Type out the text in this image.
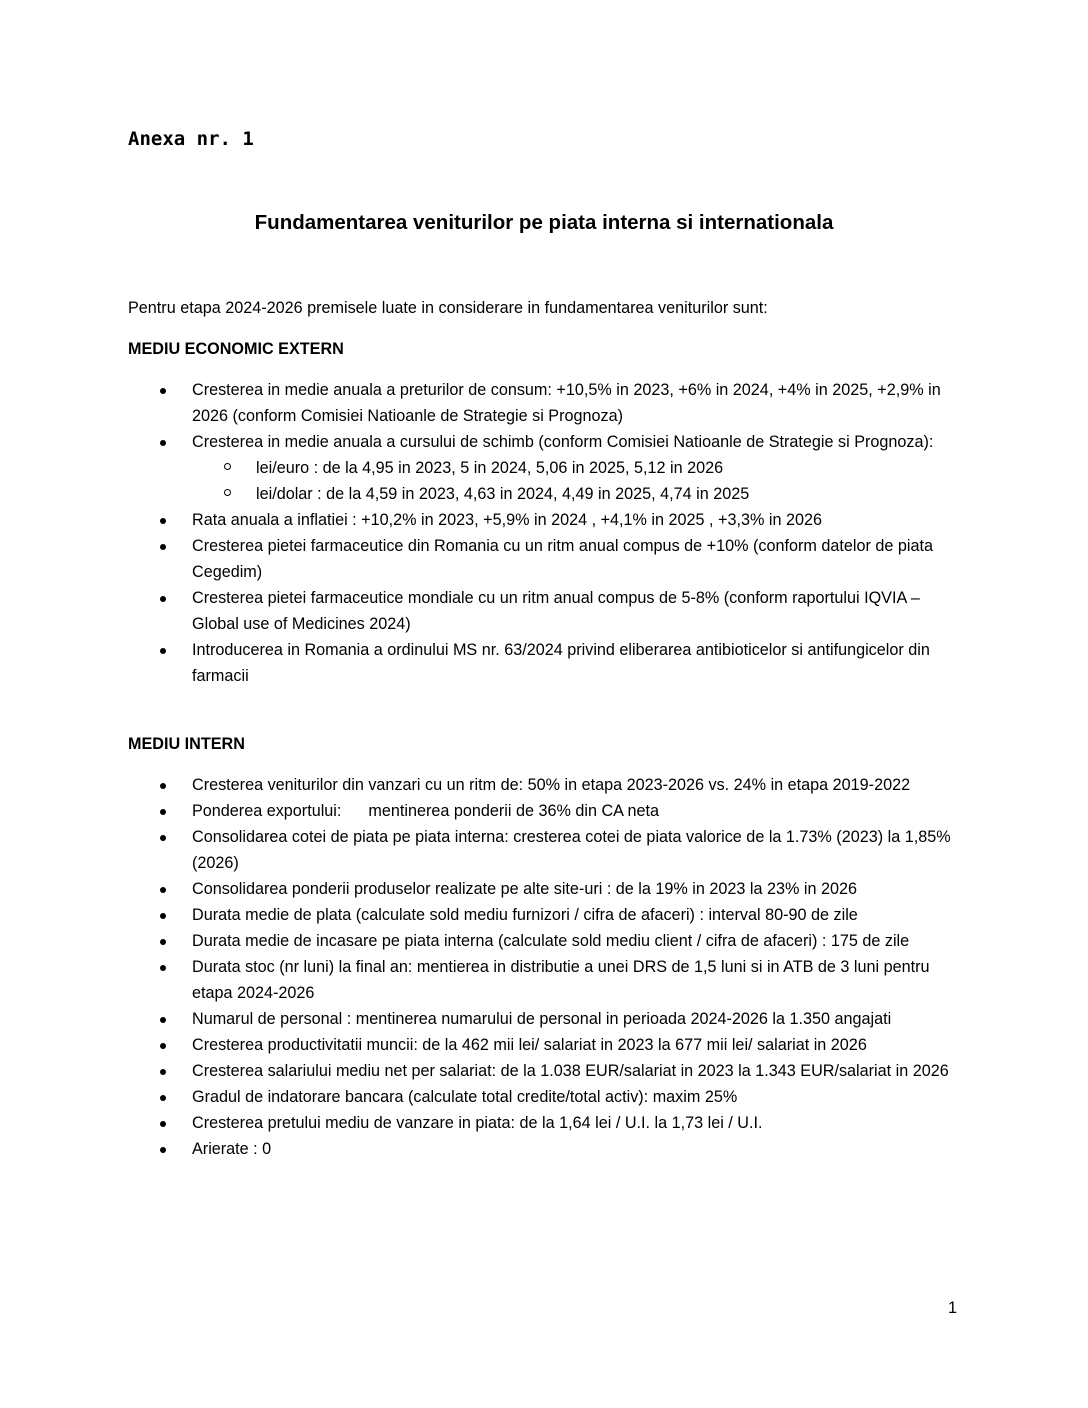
Anexa nr. 1

Fundamentarea veniturilor pe piata interna si internationala

Pentru etapa 2024-2026 premisele luate in considerare in fundamentarea veniturilor sunt:

MEDIU ECONOMIC EXTERN
Cresterea in medie anuala a preturilor de consum: +10,5% in 2023, +6% in 2024, +4% in 2025, +2,9% in 2026 (conform Comisiei Natioanle de Strategie si Prognoza)
Cresterea in medie anuala a cursului de schimb (conform Comisiei Natioanle de Strategie si Prognoza):
lei/euro : de la 4,95 in 2023, 5 in 2024, 5,06 in 2025, 5,12 in 2026
lei/dolar : de la 4,59 in 2023, 4,63 in 2024, 4,49 in 2025, 4,74 in 2025
Rata anuala a inflatiei : +10,2% in 2023, +5,9% in 2024 , +4,1% in 2025 , +3,3% in 2026
Cresterea pietei farmaceutice din Romania cu un ritm anual compus de +10% (conform datelor de piata Cegedim)
Cresterea pietei farmaceutice mondiale cu un ritm anual compus de 5-8% (conform raportului IQVIA – Global use of Medicines 2024)
Introducerea in Romania a ordinului MS nr. 63/2024 privind eliberarea antibioticelor si antifungicelor din farmacii
MEDIU INTERN
Cresterea veniturilor din vanzari cu un ritm de: 50% in etapa 2023-2026 vs. 24% in etapa 2019-2022
Ponderea exportului:      mentinerea ponderii de 36% din CA neta
Consolidarea cotei de piata pe piata interna: cresterea cotei de piata valorice de la 1.73% (2023) la 1,85% (2026)
Consolidarea ponderii produselor realizate pe alte site-uri : de la 19% in 2023 la 23% in 2026
Durata medie de plata (calculate sold mediu furnizori / cifra de afaceri) : interval 80-90 de zile
Durata medie de incasare pe piata interna (calculate sold mediu client / cifra de afaceri) : 175 de zile
Durata stoc (nr luni) la final an: mentierea in distributie a unei DRS de 1,5 luni si in ATB de 3 luni pentru etapa 2024-2026
Numarul de personal : mentinerea numarului de personal in perioada 2024-2026 la 1.350 angajati
Cresterea productivitatii muncii: de la 462 mii lei/ salariat in 2023 la 677 mii lei/ salariat in 2026
Cresterea salariului mediu net per salariat: de la 1.038 EUR/salariat in 2023 la 1.343 EUR/salariat in 2026
Gradul de indatorare bancara (calculate total credite/total activ): maxim 25%
Cresterea pretului mediu de vanzare in piata: de la 1,64 lei / U.I. la 1,73 lei / U.I.
Arierate : 0

1
